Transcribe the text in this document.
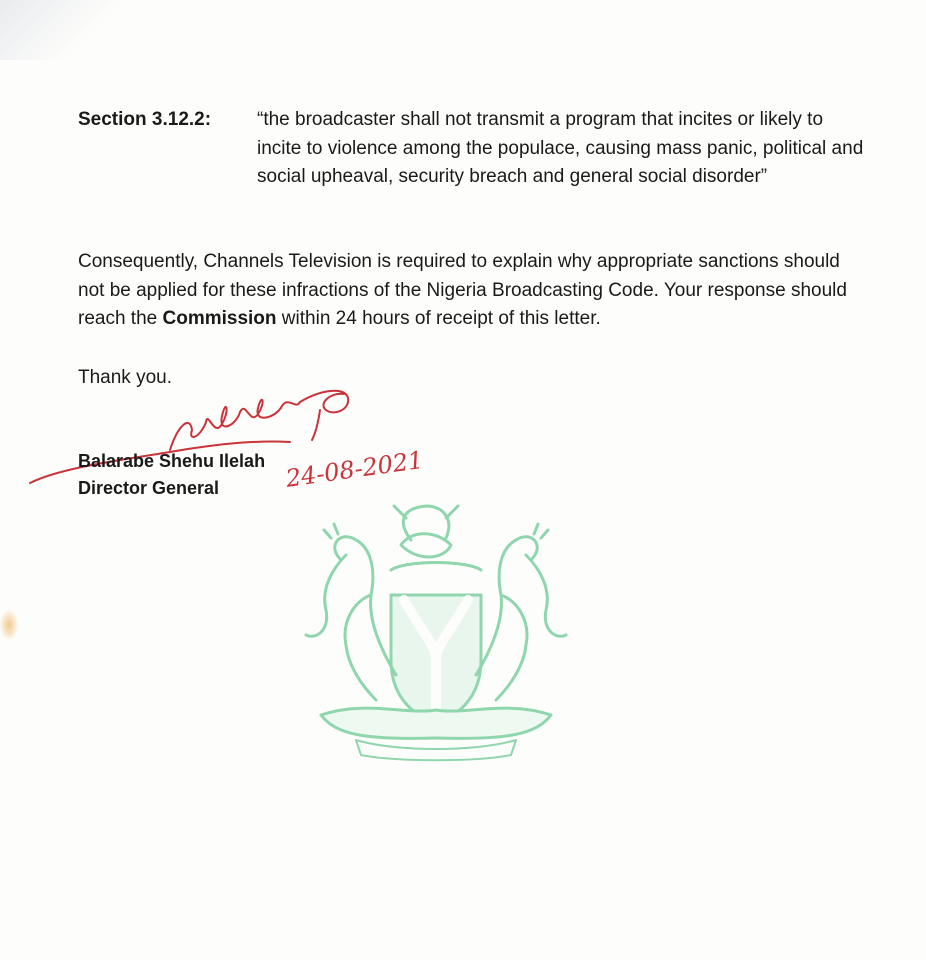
Section 3.12.2: “the broadcaster shall not transmit a program that incites or likely to incite to violence among the populace, causing mass panic, political and social upheaval, security breach and general social disorder”
Consequently, Channels Television is required to explain why appropriate sanctions should not be applied for these infractions of the Nigeria Broadcasting Code. Your response should reach the Commission within 24 hours of receipt of this letter.
Thank you.
Balarabe Shehu Ilelah
Director General	24-08-2021
